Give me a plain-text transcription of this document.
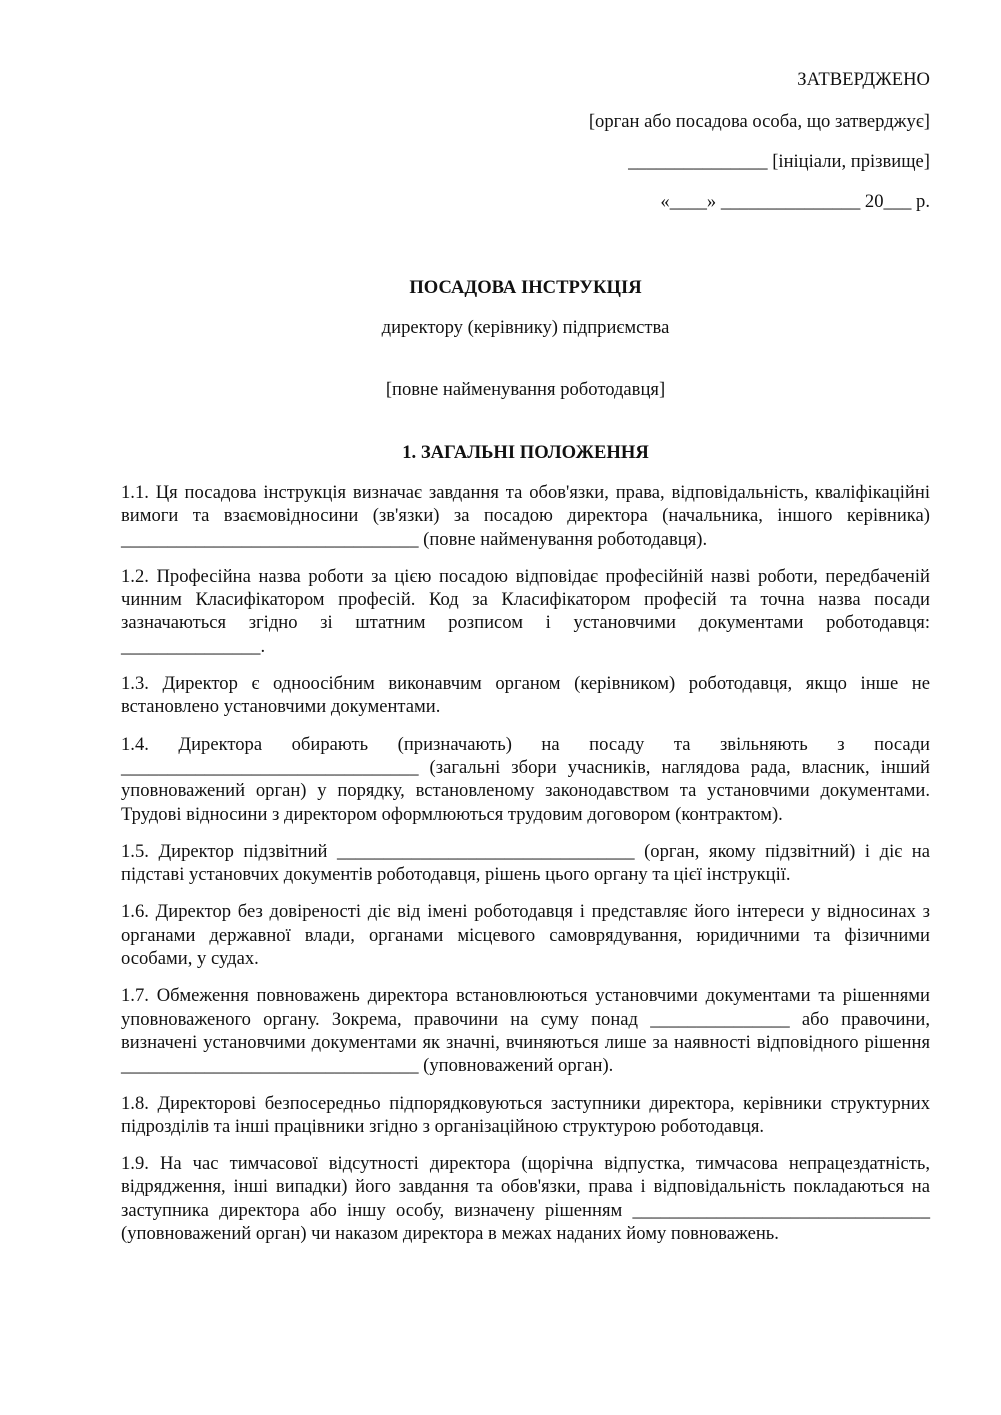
ЗАТВЕРДЖЕНО
[орган або посадова особа, що затверджує]
_______________ [ініціали, прізвище]
«____» _______________ 20___ р.
ПОСАДОВА ІНСТРУКЦІЯ
директору (керівнику) підприємства
[повне найменування роботодавця]
1. ЗАГАЛЬНІ ПОЛОЖЕННЯ

1.1. Ця посадова інструкція визначає завдання та обов'язки, права, відповідальність, кваліфікаційні вимоги та взаємовідносини (зв'язки) за посадою директора (начальника, іншого керівника) ________________________________ (повне найменування роботодавця).

1.2. Професійна назва роботи за цією посадою відповідає професійній назві роботи, передбаченій чинним Класифікатором професій. Код за Класифікатором професій та точна назва посади зазначаються згідно зі штатним розписом і установчими документами роботодавця: _______________.

1.3. Директор є одноосібним виконавчим органом (керівником) роботодавця, якщо інше не встановлено установчими документами.

1.4. Директора обирають (призначають) на посаду та звільняють з посади ________________________________ (загальні збори учасників, наглядова рада, власник, інший уповноважений орган) у порядку, встановленому законодавством та установчими документами. Трудові відносини з директором оформлюються трудовим договором (контрактом).

1.5. Директор підзвітний ________________________________ (орган, якому підзвітний) і діє на підставі установчих документів роботодавця, рішень цього органу та цієї інструкції.

1.6. Директор без довіреності діє від імені роботодавця і представляє його інтереси у відносинах з органами державної влади, органами місцевого самоврядування, юридичними та фізичними особами, у судах.

1.7. Обмеження повноважень директора встановлюються установчими документами та рішеннями уповноваженого органу. Зокрема, правочини на суму понад _______________ або правочини, визначені установчими документами як значні, вчиняються лише за наявності відповідного рішення ________________________________ (уповноважений орган).

1.8. Директорові безпосередньо підпорядковуються заступники директора, керівники структурних підрозділів та інші працівники згідно з організаційною структурою роботодавця.

1.9. На час тимчасової відсутності директора (щорічна відпустка, тимчасова непрацездатність, відрядження, інші випадки) його завдання та обов'язки, права і відповідальність покладаються на заступника директора або іншу особу, визначену рішенням ________________________________ (уповноважений орган) чи наказом директора в межах наданих йому повноважень.
